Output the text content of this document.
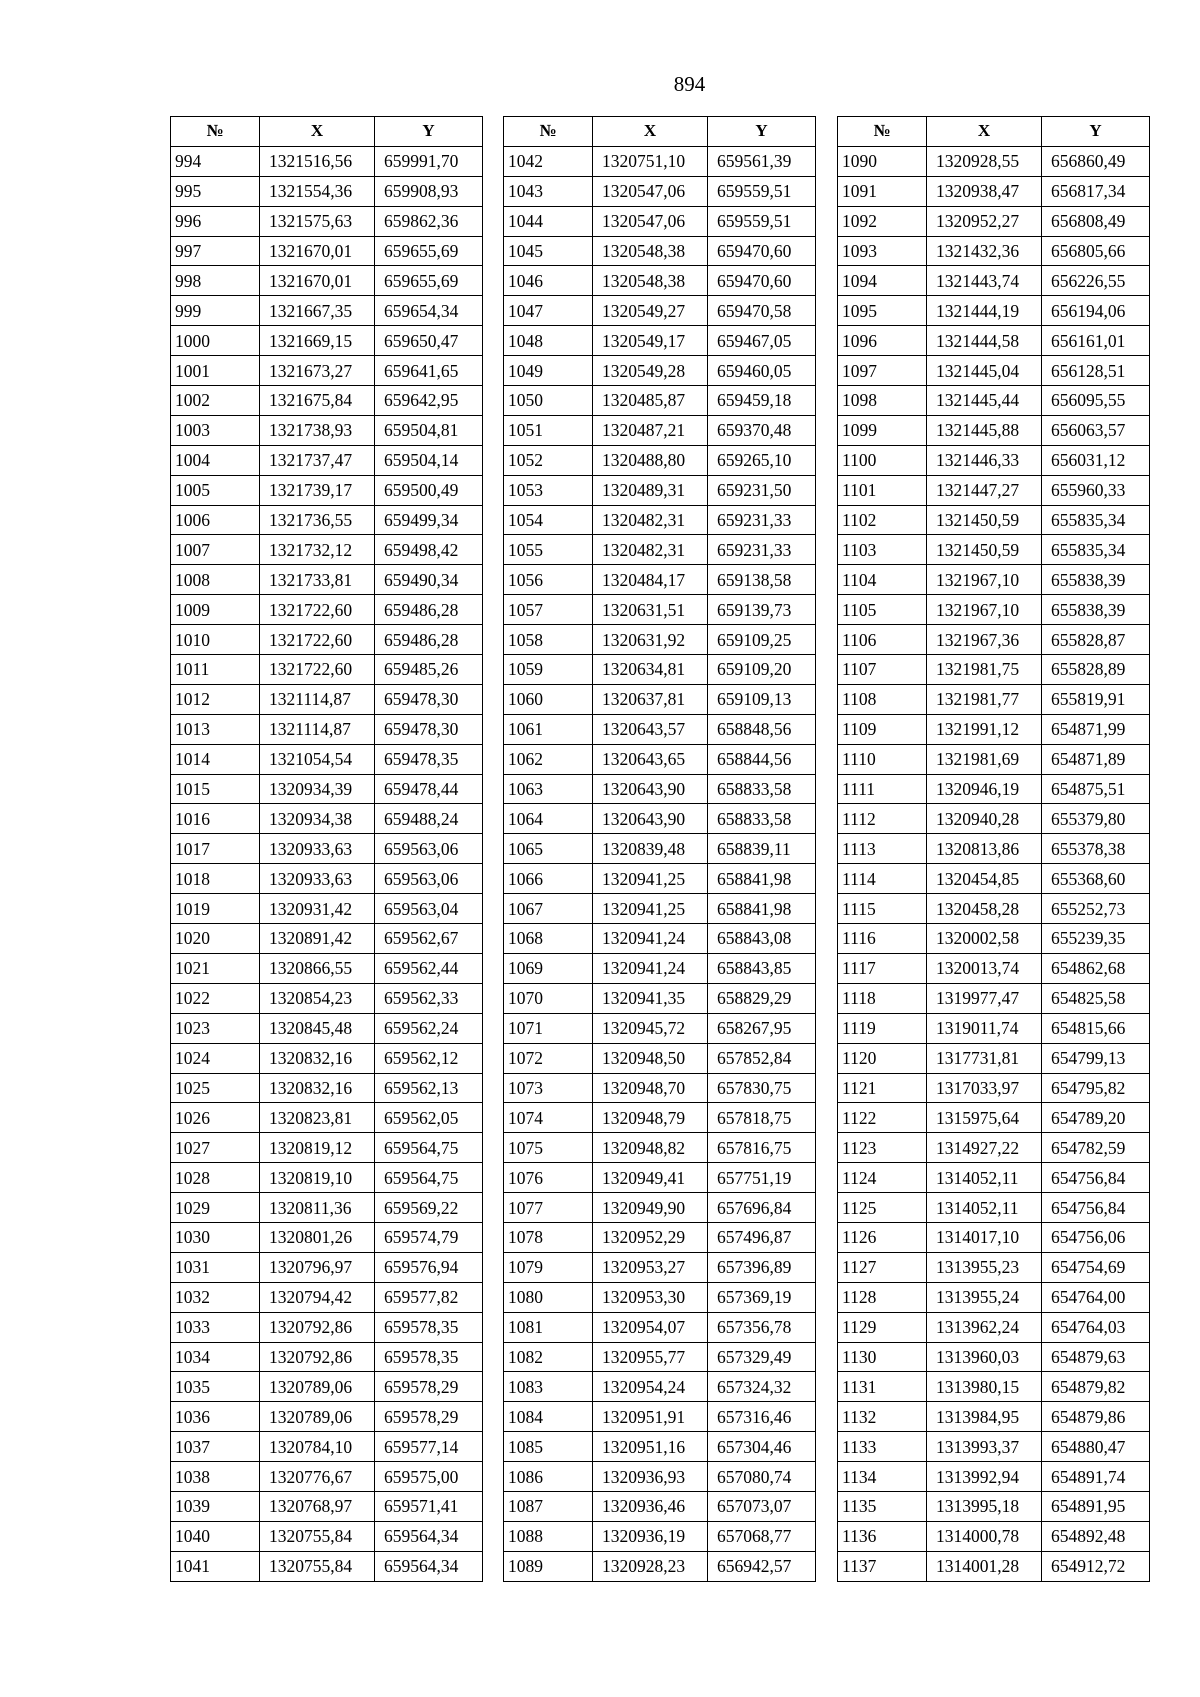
894
№	X	Y
994	1321516,56	659991,70
995	1321554,36	659908,93
996	1321575,63	659862,36
997	1321670,01	659655,69
998	1321670,01	659655,69
999	1321667,35	659654,34
1000	1321669,15	659650,47
1001	1321673,27	659641,65
1002	1321675,84	659642,95
1003	1321738,93	659504,81
1004	1321737,47	659504,14
1005	1321739,17	659500,49
1006	1321736,55	659499,34
1007	1321732,12	659498,42
1008	1321733,81	659490,34
1009	1321722,60	659486,28
1010	1321722,60	659486,28
1011	1321722,60	659485,26
1012	1321114,87	659478,30
1013	1321114,87	659478,30
1014	1321054,54	659478,35
1015	1320934,39	659478,44
1016	1320934,38	659488,24
1017	1320933,63	659563,06
1018	1320933,63	659563,06
1019	1320931,42	659563,04
1020	1320891,42	659562,67
1021	1320866,55	659562,44
1022	1320854,23	659562,33
1023	1320845,48	659562,24
1024	1320832,16	659562,12
1025	1320832,16	659562,13
1026	1320823,81	659562,05
1027	1320819,12	659564,75
1028	1320819,10	659564,75
1029	1320811,36	659569,22
1030	1320801,26	659574,79
1031	1320796,97	659576,94
1032	1320794,42	659577,82
1033	1320792,86	659578,35
1034	1320792,86	659578,35
1035	1320789,06	659578,29
1036	1320789,06	659578,29
1037	1320784,10	659577,14
1038	1320776,67	659575,00
1039	1320768,97	659571,41
1040	1320755,84	659564,34
1041	1320755,84	659564,34
№	X	Y
1042	1320751,10	659561,39
1043	1320547,06	659559,51
1044	1320547,06	659559,51
1045	1320548,38	659470,60
1046	1320548,38	659470,60
1047	1320549,27	659470,58
1048	1320549,17	659467,05
1049	1320549,28	659460,05
1050	1320485,87	659459,18
1051	1320487,21	659370,48
1052	1320488,80	659265,10
1053	1320489,31	659231,50
1054	1320482,31	659231,33
1055	1320482,31	659231,33
1056	1320484,17	659138,58
1057	1320631,51	659139,73
1058	1320631,92	659109,25
1059	1320634,81	659109,20
1060	1320637,81	659109,13
1061	1320643,57	658848,56
1062	1320643,65	658844,56
1063	1320643,90	658833,58
1064	1320643,90	658833,58
1065	1320839,48	658839,11
1066	1320941,25	658841,98
1067	1320941,25	658841,98
1068	1320941,24	658843,08
1069	1320941,24	658843,85
1070	1320941,35	658829,29
1071	1320945,72	658267,95
1072	1320948,50	657852,84
1073	1320948,70	657830,75
1074	1320948,79	657818,75
1075	1320948,82	657816,75
1076	1320949,41	657751,19
1077	1320949,90	657696,84
1078	1320952,29	657496,87
1079	1320953,27	657396,89
1080	1320953,30	657369,19
1081	1320954,07	657356,78
1082	1320955,77	657329,49
1083	1320954,24	657324,32
1084	1320951,91	657316,46
1085	1320951,16	657304,46
1086	1320936,93	657080,74
1087	1320936,46	657073,07
1088	1320936,19	657068,77
1089	1320928,23	656942,57
№	X	Y
1090	1320928,55	656860,49
1091	1320938,47	656817,34
1092	1320952,27	656808,49
1093	1321432,36	656805,66
1094	1321443,74	656226,55
1095	1321444,19	656194,06
1096	1321444,58	656161,01
1097	1321445,04	656128,51
1098	1321445,44	656095,55
1099	1321445,88	656063,57
1100	1321446,33	656031,12
1101	1321447,27	655960,33
1102	1321450,59	655835,34
1103	1321450,59	655835,34
1104	1321967,10	655838,39
1105	1321967,10	655838,39
1106	1321967,36	655828,87
1107	1321981,75	655828,89
1108	1321981,77	655819,91
1109	1321991,12	654871,99
1110	1321981,69	654871,89
1111	1320946,19	654875,51
1112	1320940,28	655379,80
1113	1320813,86	655378,38
1114	1320454,85	655368,60
1115	1320458,28	655252,73
1116	1320002,58	655239,35
1117	1320013,74	654862,68
1118	1319977,47	654825,58
1119	1319011,74	654815,66
1120	1317731,81	654799,13
1121	1317033,97	654795,82
1122	1315975,64	654789,20
1123	1314927,22	654782,59
1124	1314052,11	654756,84
1125	1314052,11	654756,84
1126	1314017,10	654756,06
1127	1313955,23	654754,69
1128	1313955,24	654764,00
1129	1313962,24	654764,03
1130	1313960,03	654879,63
1131	1313980,15	654879,82
1132	1313984,95	654879,86
1133	1313993,37	654880,47
1134	1313992,94	654891,74
1135	1313995,18	654891,95
1136	1314000,78	654892,48
1137	1314001,28	654912,72
